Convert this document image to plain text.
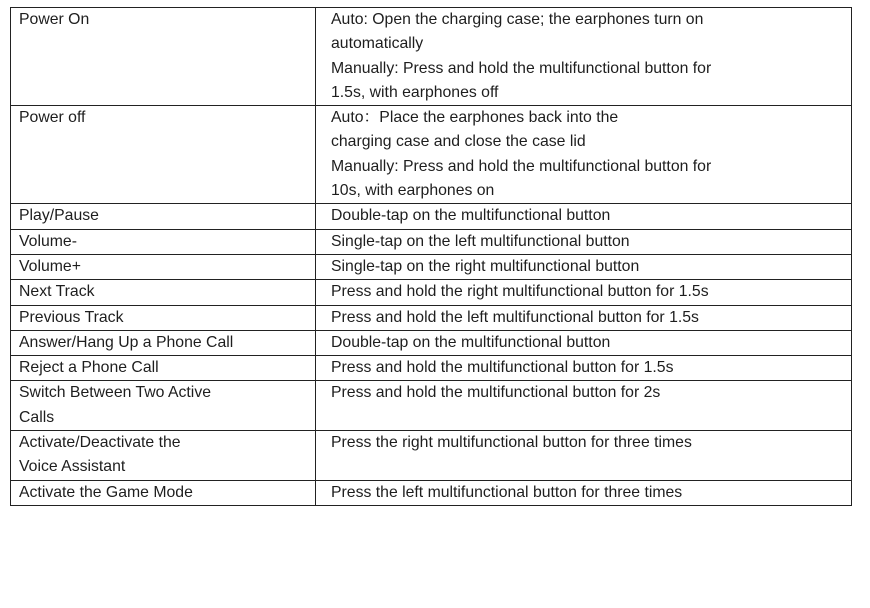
Power On	Auto: Open the charging case; the earphones turn on
automatically
Manually: Press and hold the multifunctional button for
1.5s, with earphones off

Power off	Auto：Place the earphones back into the
charging case and close the case lid
Manually: Press and hold the multifunctional button for
10s, with earphones on

Play/Pause	Double-tap on the multifunctional button

Volume-	Single-tap on the left multifunctional button

Volume+	Single-tap on the right multifunctional button

Next Track	Press and hold the right multifunctional button for 1.5s

Previous Track	Press and hold the left multifunctional button for 1.5s

Answer/Hang Up a Phone Call	Double-tap on the multifunctional button

Reject a Phone Call	Press and hold the multifunctional button for 1.5s

Switch Between Two Active
Calls	Press and hold the multifunctional button for 2s

Activate/Deactivate the
Voice Assistant	Press the right multifunctional button for three times

Activate the Game Mode	Press the left multifunctional button for three times
